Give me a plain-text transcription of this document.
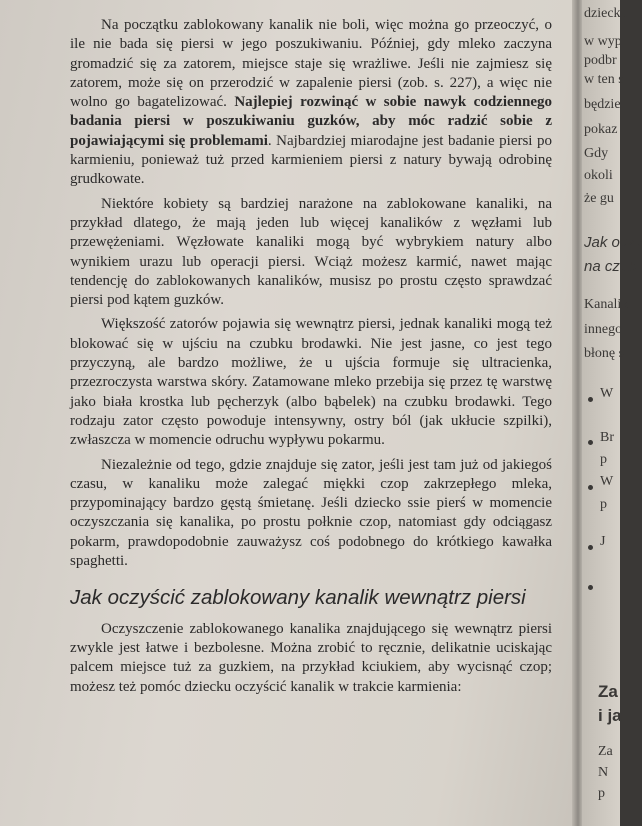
Na początku zablokowany kanalik nie boli, więc można go przeoczyć, o ile nie bada się piersi w jego poszukiwaniu. Później, gdy mleko zaczyna gromadzić się za zatorem, miejsce staje się wrażliwe. Jeśli nie zajmiesz się zatorem, może się on przerodzić w zapalenie piersi (zob. s. 227), a więc nie wolno go bagatelizować. Najlepiej rozwinąć w sobie nawyk codziennego badania piersi w poszukiwaniu guzków, aby móc radzić sobie z pojawiającymi się problemami. Najbardziej miarodajne jest badanie piersi po karmieniu, ponieważ tuż przed karmieniem piersi z natury bywają odrobinę grudkowate.

Niektóre kobiety są bardziej narażone na zablokowane kanaliki, na przykład dlatego, że mają jeden lub więcej kanalików z węzłami lub przewężeniami. Węzłowate kanaliki mogą być wybrykiem natury albo wynikiem urazu lub operacji piersi. Wciąż możesz karmić, nawet mając tendencję do zablokowanych kanalików, musisz po prostu często sprawdzać piersi pod kątem guzków.

Większość zatorów pojawia się wewnątrz piersi, jednak kanaliki mogą też blokować się w ujściu na czubku brodawki. Nie jest jasne, co jest tego przyczyną, ale bardzo możliwe, że u ujścia formuje się ultracienka, przezroczysta warstwa skóry. Zatamowane mleko przebija się przez tę warstwę jako biała krostka lub pęcherzyk (albo bąbelek) na czubku brodawki. Tego rodzaju zator często powoduje intensywny, ostry ból (jak ukłucie szpilki), zwłaszcza w momencie odruchu wypływu pokarmu.

Niezależnie od tego, gdzie znajduje się zator, jeśli jest tam już od jakiegoś czasu, w kanaliku może zalegać miękki czop zakrzepłego mleka, przypominający bardzo gęstą śmietanę. Jeśli dziecko ssie pierś w momencie oczyszczania się kanalika, po prostu połknie czop, natomiast gdy odciągasz pokarm, prawdopodobnie zauważysz coś podobnego do krótkiego kawałka spaghetti.

Jak oczyścić zablokowany kanalik wewnątrz piersi

Oczyszczenie zablokowanego kanalika znajdującego się wewnątrz piersi zwykle jest łatwe i bezbolesne. Można zrobić to ręcznie, delikatnie uciskając palcem miejsce tuż za guzkiem, na przykład kciukiem, aby wycisnąć czop; możesz też pomóc dziecku oczyścić kanalik w trakcie karmienia:

dziecku
w wyp
podbr
w ten s
będzie
pokaz
Gdy
okoli
że gu
Jak oczy
na czub
Kanalik
innego
błonę s
W
Br
p
W
p
J
Za
i ja
Za
N
p
